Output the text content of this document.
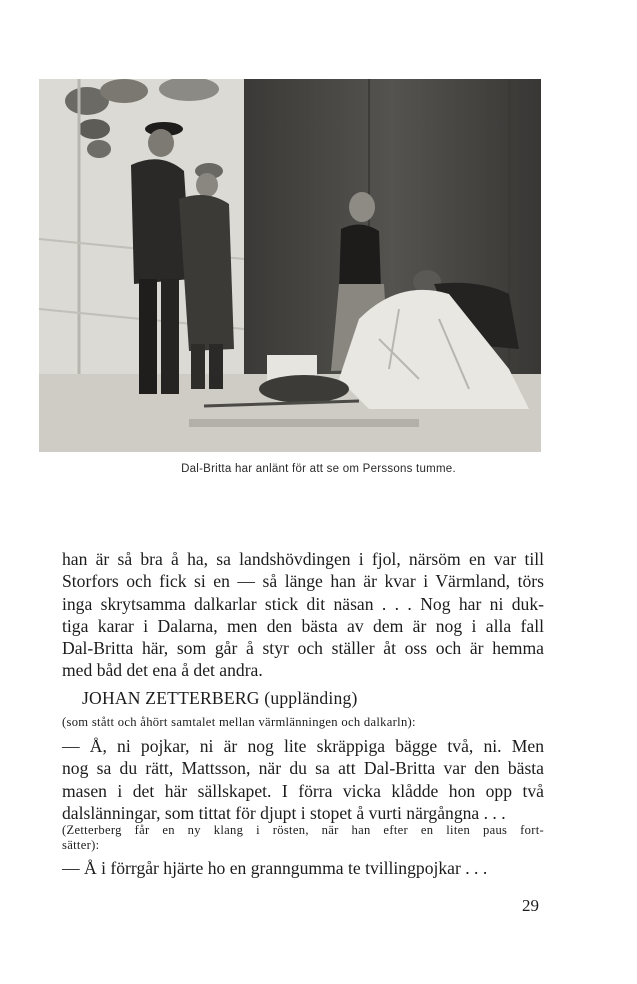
Dal-Britta har anlänt för att se om Perssons tumme.

han är så bra å ha, sa landshövdingen i fjol, närsöm en var till
Storfors och fick si en — så länge han är kvar i Värmland, törs
inga skrytsamma dalkarlar stick dit näsan . . . Nog har ni duk-
tiga karar i Dalarna, men den bästa av dem är nog i alla fall
Dal-Britta här, som går å styr och ställer åt oss och är hemma
med båd det ena å det andra.

JOHAN ZETTERBERG (uppländing)
(som stått och åhört samtalet mellan värmlänningen och dalkarln):

— Å, ni pojkar, ni är nog lite skräppiga bägge två, ni. Men
nog sa du rätt, Mattsson, när du sa att Dal-Britta var den bästa
masen i det här sällskapet. I förra vicka klådde hon opp två
dalslänningar, som tittat för djupt i stopet å vurti närgångna . . .

(Zetterberg får en ny klang i rösten, när han efter en liten paus fort-
sätter):

— Å i förrgår hjärte ho en granngumma te tvillingpojkar . . .

29
